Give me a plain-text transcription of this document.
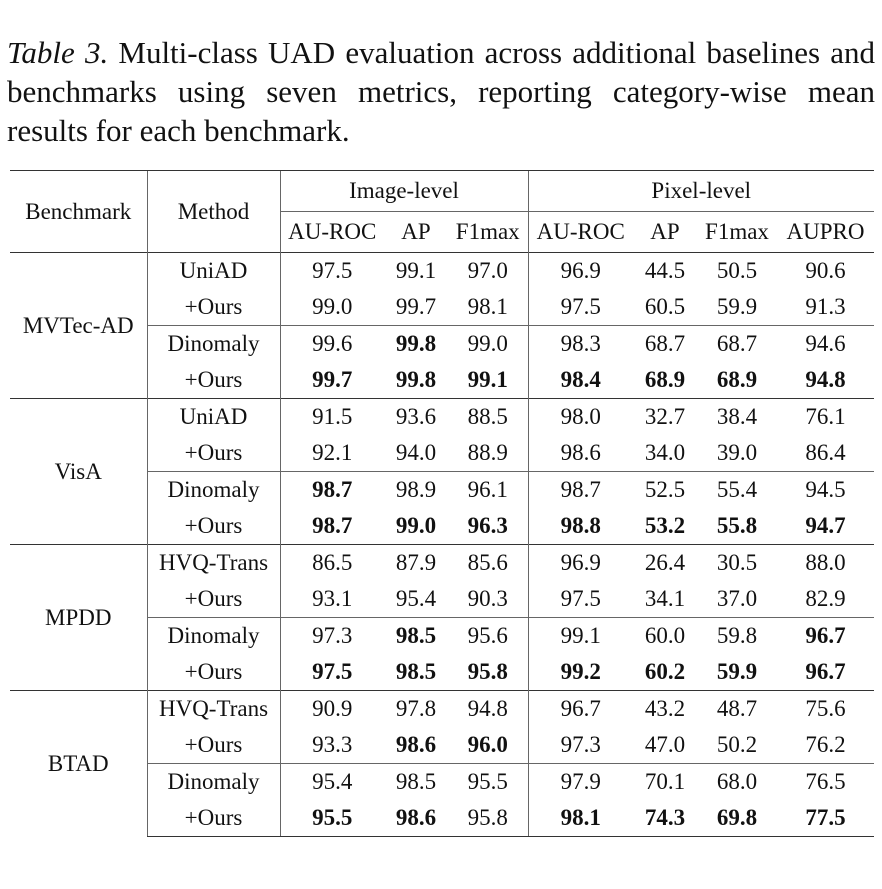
Table 3. Multi-class UAD evaluation across additional baselines and benchmarks using seven metrics, reporting category-wise mean results for each benchmark.
Benchmark	Method	Image-level			Pixel-level			
		AU-ROC	AP	F1max	AU-ROC	AP	F1max	AUPRO
MVTec-AD	UniAD	97.5	99.1	97.0	96.9	44.5	50.5	90.6
	+Ours	99.0	99.7	98.1	97.5	60.5	59.9	91.3
	Dinomaly	99.6	99.8	99.0	98.3	68.7	68.7	94.6
	+Ours	99.7	99.8	99.1	98.4	68.9	68.9	94.8
VisA	UniAD	91.5	93.6	88.5	98.0	32.7	38.4	76.1
	+Ours	92.1	94.0	88.9	98.6	34.0	39.0	86.4
	Dinomaly	98.7	98.9	96.1	98.7	52.5	55.4	94.5
	+Ours	98.7	99.0	96.3	98.8	53.2	55.8	94.7
MPDD	HVQ-Trans	86.5	87.9	85.6	96.9	26.4	30.5	88.0
	+Ours	93.1	95.4	90.3	97.5	34.1	37.0	82.9
	Dinomaly	97.3	98.5	95.6	99.1	60.0	59.8	96.7
	+Ours	97.5	98.5	95.8	99.2	60.2	59.9	96.7
BTAD	HVQ-Trans	90.9	97.8	94.8	96.7	43.2	48.7	75.6
	+Ours	93.3	98.6	96.0	97.3	47.0	50.2	76.2
	Dinomaly	95.4	98.5	95.5	97.9	70.1	68.0	76.5
	+Ours	95.5	98.6	95.8	98.1	74.3	69.8	77.5
